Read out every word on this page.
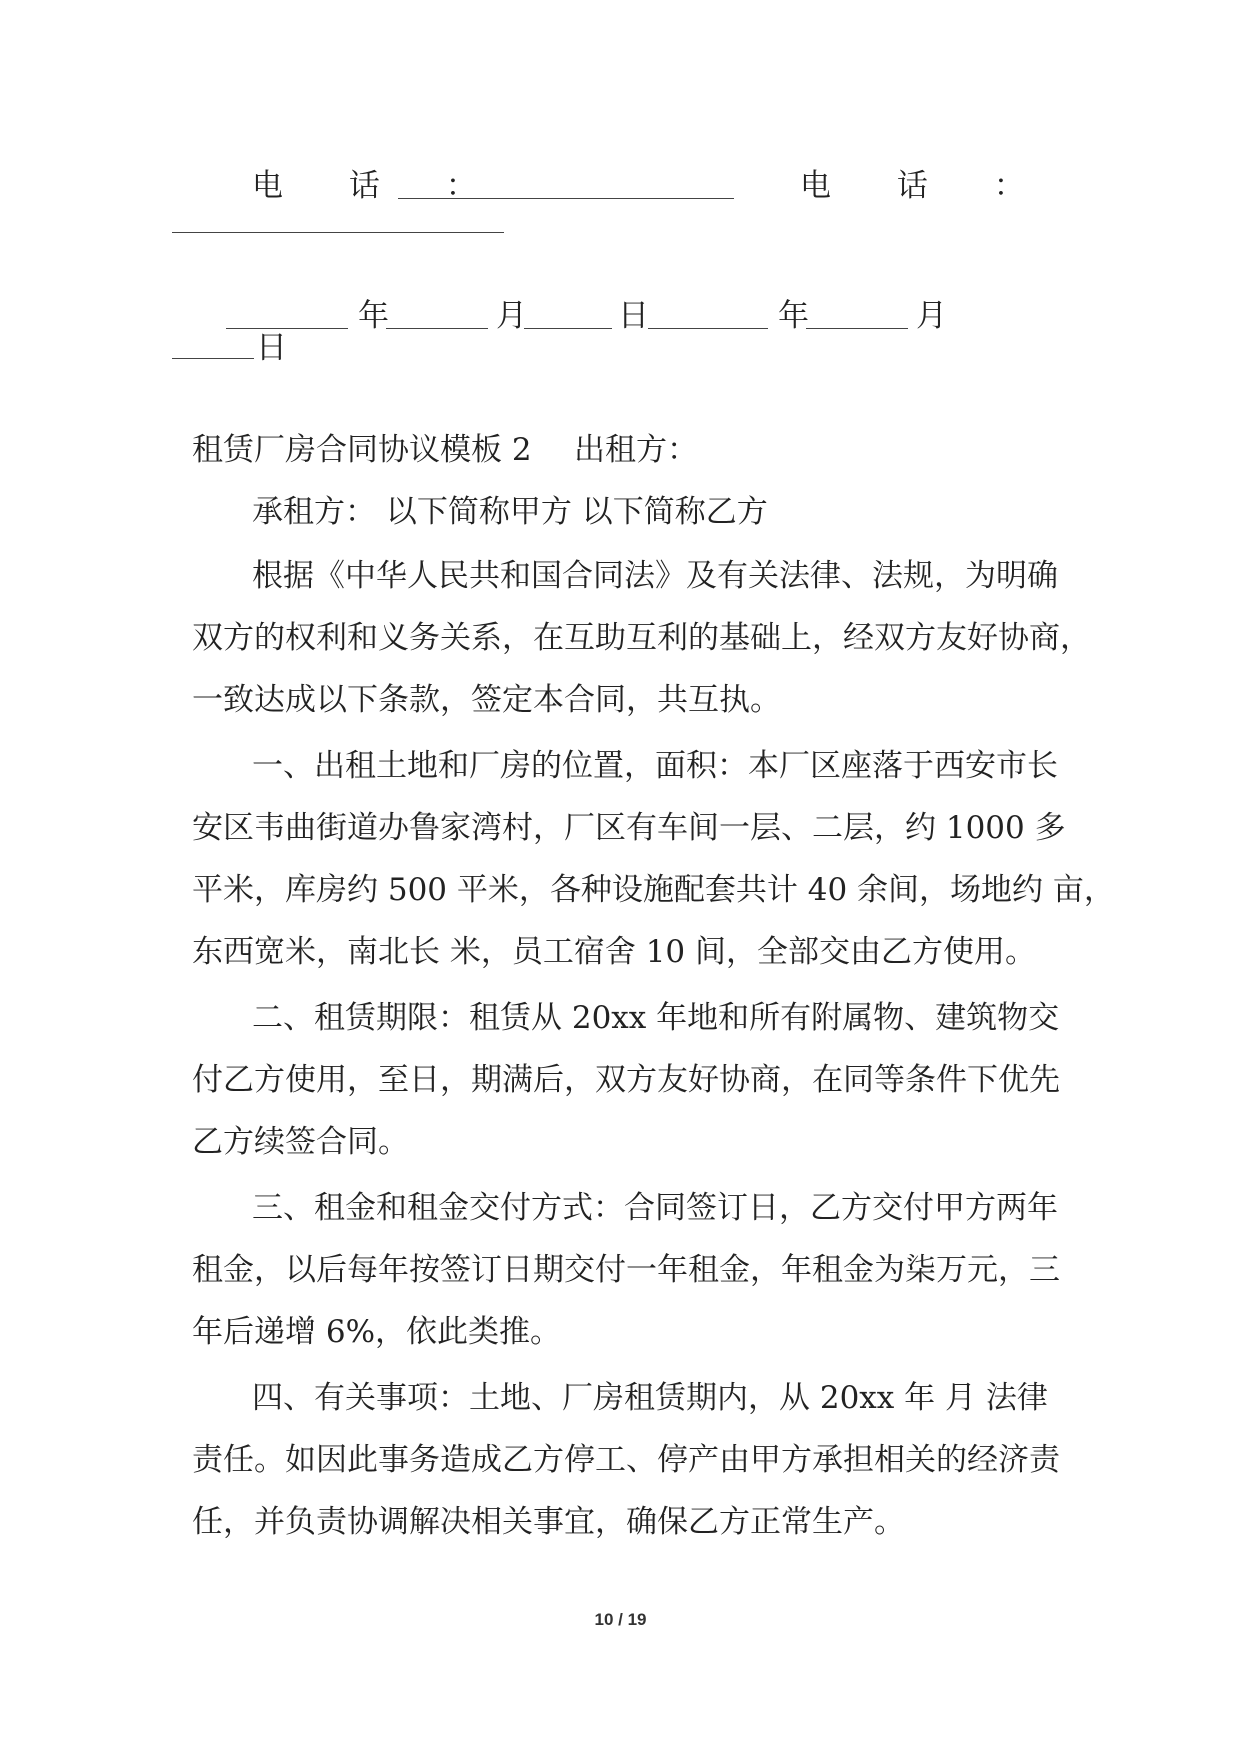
电 话 ：	电 话 ：
年	月	日	年	月
日
租赁厂房合同协议模板 2 出租方：
承租方： 以下简称甲方 以下简称乙方
根据《中华人民共和国合同法》及有关法律、法规，为明确
双方的权利和义务关系，在互助互利的基础上，经双方友好协商，
一致达成以下条款，签定本合同，共互执。
一、出租土地和厂房的位置，面积：本厂区座落于西安市长
安区韦曲街道办鲁家湾村，厂区有车间一层、二层，约 1000 多
平米，库房约 500 平米，各种设施配套共计 40 余间，场地约 亩，
东西宽米，南北长 米，员工宿舍 10 间，全部交由乙方使用。
二、租赁期限：租赁从 20xx 年地和所有附属物、建筑物交
付乙方使用，至日，期满后，双方友好协商，在同等条件下优先
乙方续签合同。
三、租金和租金交付方式：合同签订日，乙方交付甲方两年
租金，以后每年按签订日期交付一年租金，年租金为柒万元，三
年后递增 6%，依此类推。
四、有关事项：土地、厂房租赁期内，从 20xx 年 月 法律
责任。如因此事务造成乙方停工、停产由甲方承担相关的经济责
任，并负责协调解决相关事宜，确保乙方正常生产。
10 / 19
